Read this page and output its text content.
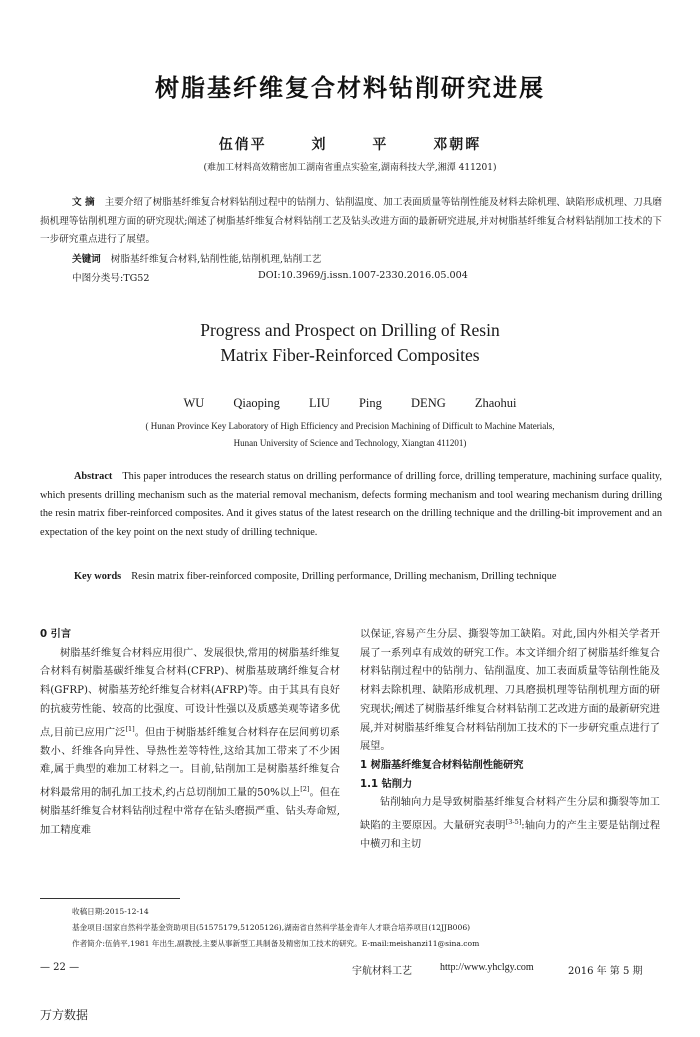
树脂基纤维复合材料钻削研究进展
伍俏平 刘 平 邓朝晖
(难加工材料高效精密加工湖南省重点实验室,湖南科技大学,湘潭 411201)
文 摘 主要介绍了树脂基纤维复合材料钻削过程中的钻削力、钻削温度、加工表面质量等钻削性能及材料去除机理、缺陷形成机理、刀具磨损机理等钻削机理方面的研究现状;阐述了树脂基纤维复合材料钻削工艺及钻头改进方面的最新研究进展,并对树脂基纤维复合材料钻削加工技术的下一步研究重点进行了展望。
关键词 树脂基纤维复合材料,钻削性能,钻削机理,钻削工艺
中图分类号:TG52	DOI:10.3969/j.issn.1007-2330.2016.05.004
Progress and Prospect on Drilling of Resin
Matrix Fiber-Reinforced Composites
WU Qiaoping LIU Ping DENG Zhaohui
( Hunan Province Key Laboratory of High Efficiency and Precision Machining of Difficult to Machine Materials,
Hunan University of Science and Technology, Xiangtan 411201)
Abstract This paper introduces the research status on drilling performance of drilling force, drilling temperature, machining surface quality, which presents drilling mechanism such as the material removal mechanism, defects forming mechanism and tool wearing mechanism during drilling the resin matrix fiber-reinforced composites. And it gives status of the latest research on the drilling technique and the drilling-bit improvement and an expectation of the key point on the next study of drilling technique.
Key words Resin matrix fiber-reinforced composite, Drilling performance, Drilling mechanism, Drilling technique
0 引言

树脂基纤维复合材料应用很广、发展很快,常用的树脂基纤维复合材料有树脂基碳纤维复合材料(CFRP)、树脂基玻璃纤维复合材料(GFRP)、树脂基芳纶纤维复合材料(AFRP)等。由于其具有良好的抗疲劳性能、较高的比强度、可设计性强以及质感美观等诸多优点,目前已应用广泛[1]。但由于树脂基纤维复合材料存在层间剪切系数小、纤维各向异性、导热性差等特性,这给其加工带来了不少困难,属于典型的难加工材料之一。目前,钻削加工是树脂基纤维复合材料最常用的制孔加工技术,约占总切削加工量的50%以上[2]。但在树脂基纤维复合材料钻削过程中常存在钻头磨损严重、钻头寿命短,加工精度难

以保证,容易产生分层、撕裂等加工缺陷。对此,国内外相关学者开展了一系列卓有成效的研究工作。本文详细介绍了树脂基纤维复合材料钻削过程中的钻削力、钻削温度、加工表面质量等钻削性能及材料去除机理、缺陷形成机理、刀具磨损机理等钻削机理方面的研究现状;阐述了树脂基纤维复合材料钻削工艺改进方面的最新研究进展,并对树脂基纤维复合材料钻削加工技术的下一步研究重点进行了展望。

1 树脂基纤维复合材料钻削性能研究
1.1 钻削力

钻削轴向力是导致树脂基纤维复合材料产生分层和撕裂等加工缺陷的主要原因。大量研究表明[3-5]:轴向力的产生主要是钻削过程中横刃和主切

收稿日期:2015-12-14
基金项目:国家自然科学基金资助项目(51575179,51205126),湖南省自然科学基金青年人才联合培养项目(12JJB006)
作者简介:伍俏平,1981 年出生,副教授,主要从事新型工具制备及精密加工技术的研究。E-mail:meishanzi11@sina.com
— 22 —	宇航材料工艺	http://www.yhclgy.com	2016 年 第 5 期
万方数据
